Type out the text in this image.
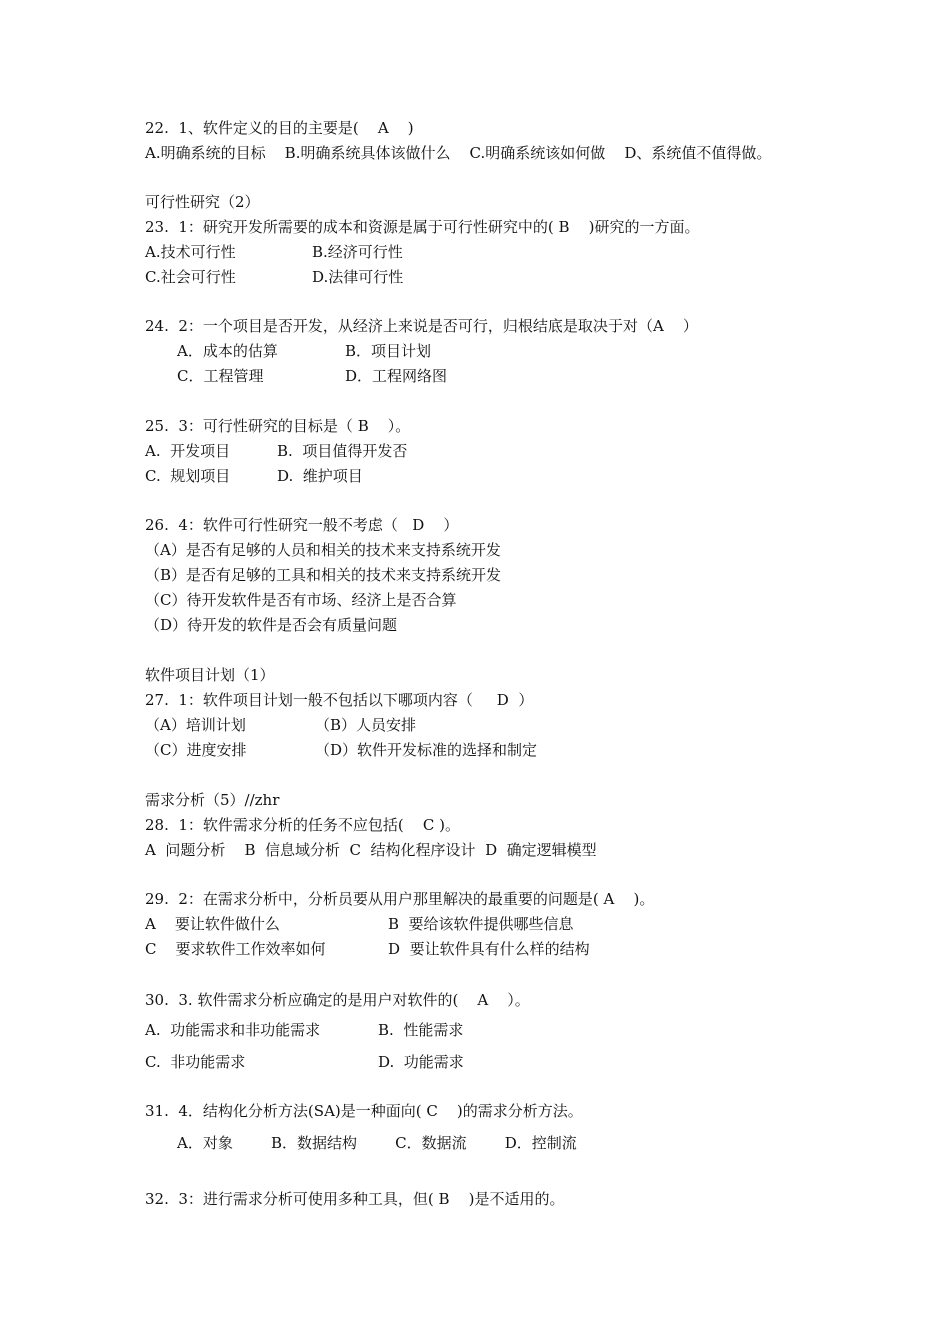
22.  1、软件定义的目的主要是(    A    )
A.明确系统的目标    B.明确系统具体该做什么    C.明确系统该如何做    D、系统值不值得做。
可行性研究（2）
23.  1：研究开发所需要的成本和资源是属于可行性研究中的( B    )研究的一方面。
A.技术可行性	B.经济可行性
C.社会可行性	D.法律可行性
24.  2：一个项目是否开发，从经济上来说是否可行，归根结底是取决于对（A    ）
A．成本的估算	B．项目计划
C．工程管理	D．工程网络图
25.  3：可行性研究的目标是（ B    ）。
A.  开发项目	B.  项目值得开发否
C.  规划项目	D.  维护项目
26.  4：软件可行性研究一般不考虑（   D    ）
（A）是否有足够的人员和相关的技术来支持系统开发
（B）是否有足够的工具和相关的技术来支持系统开发
（C）待开发软件是否有市场、经济上是否合算
（D）待开发的软件是否会有质量问题
软件项目计划（1）
27.  1：软件项目计划一般不包括以下哪项内容（     D  ）
（A）培训计划	（B）人员安排
（C）进度安排	（D）软件开发标准的选择和制定
需求分析（5）//zhr
28.  1：软件需求分析的任务不应包括(    C )。
A  问题分析    B  信息域分析  C  结构化程序设计  D  确定逻辑模型
29.  2：在需求分析中，分析员要从用户那里解决的最重要的问题是( A    )。
A    要让软件做什么	B  要给该软件提供哪些信息
C    要求软件工作效率如何	D  要让软件具有什么样的结构
30.  3. 软件需求分析应确定的是用户对软件的(    A    ）。
A.  功能需求和非功能需求	B.  性能需求
C.  非功能需求	D.  功能需求
31.  4．结构化分析方法(SA)是一种面向( C    )的需求分析方法。
A．对象        B．数据结构        C．数据流        D．控制流
32.  3：进行需求分析可使用多种工具，但( B    )是不适用的。
